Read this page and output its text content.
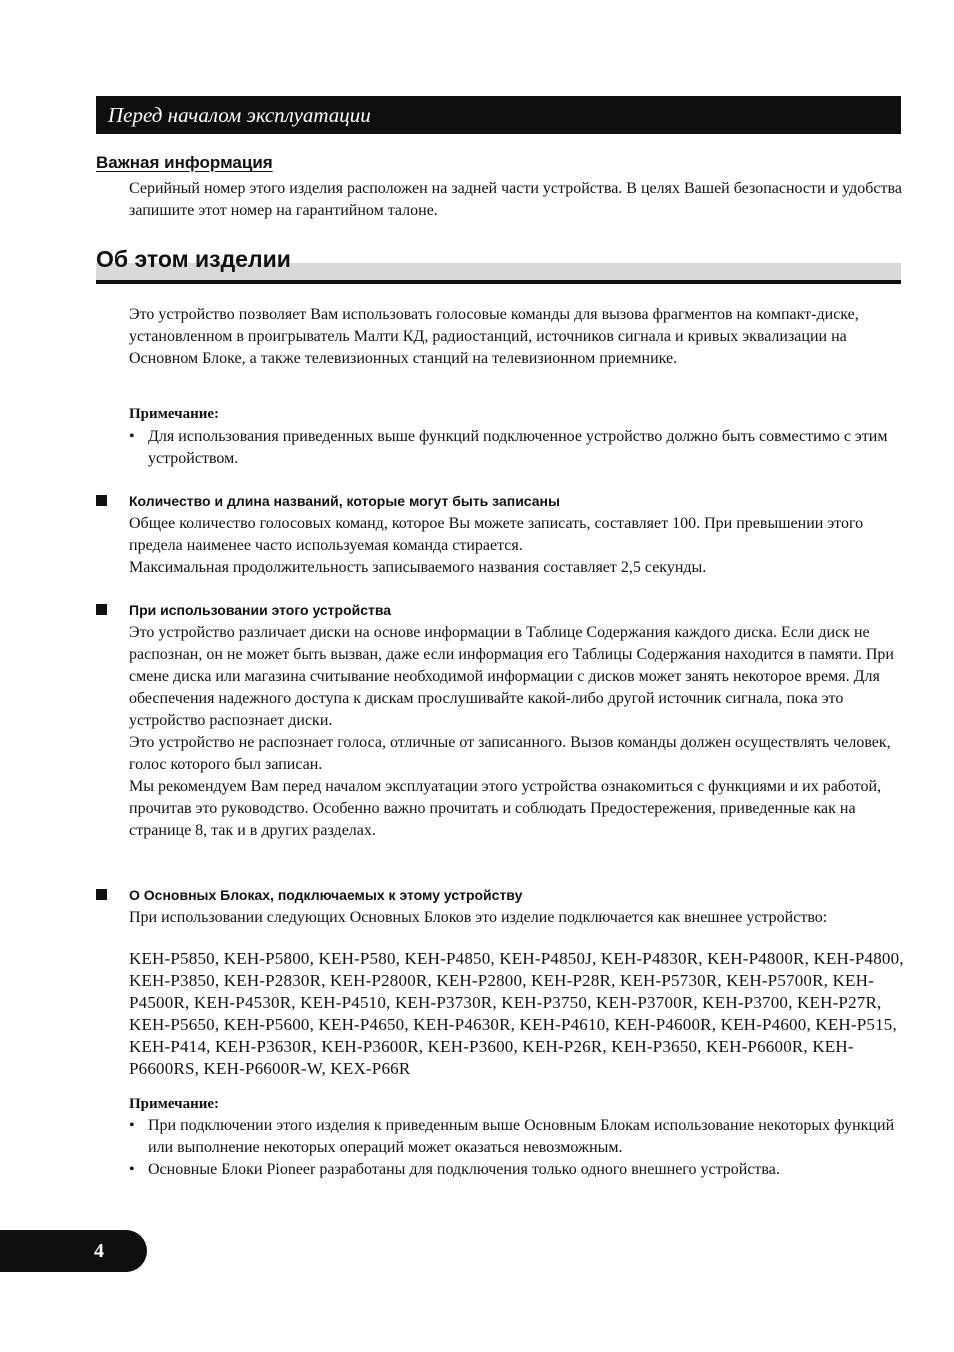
Перед началом эксплуатации
Важная информация

Серийный номер этого изделия расположен на задней части устройства. В целях Вашей безопасности и удобства запишите этот номер на гарантийном талоне.

Об этом изделии

Это устройство позволяет Вам использовать голосовые команды для вызова фрагментов на компакт-диске, установленном в проигрыватель Малти КД, радиостанций, источников сигнала и кривых эквализации на Основном Блоке, а также телевизионных станций на телевизионном приемнике.

Примечание:
• Для использования приведенных выше функций подключенное устройство должно быть совместимо с этим устройством.
Количество и длина названий, которые могут быть записаны

Общее количество голосовых команд, которое Вы можете записать, составляет 100. При превышении этого предела наименее часто используемая команда стирается.

Максимальная продолжительность записываемого названия составляет 2,5 секунды.

При использовании этого устройства

Это устройство различает диски на основе информации в Таблице Содержания каждого диска. Если диск не распознан, он не может быть вызван, даже если информация его Таблицы Содержания находится в памяти. При смене диска или магазина считывание необходимой информации с дисков может занять некоторое время. Для обеспечения надежного доступа к дискам прослушивайте какой-либо другой источник сигнала, пока это устройство распознает диски.

Это устройство не распознает голоса, отличные от записанного. Вызов команды должен осуществлять человек, голос которого был записан.

Мы рекомендуем Вам перед началом эксплуатации этого устройства ознакомиться с функциями и их работой, прочитав это руководство. Особенно важно прочитать и соблюдать Предостережения, приведенные как на странице 8, так и в других разделах.

О Основных Блоках, подключаемых к этому устройству

При использовании следующих Основных Блоков это изделие подключается как внешнее устройство:

KEH-P5850, KEH-P5800, KEH-P580, KEH-P4850, KEH-P4850J, KEH-P4830R, KEH-P4800R, KEH-P4800, KEH-P3850, KEH-P2830R, KEH-P2800R, KEH-P2800, KEH-P28R, KEH-P5730R, KEH-P5700R, KEH-P4500R, KEH-P4530R, KEH-P4510, KEH-P3730R, KEH-P3750, KEH-P3700R, KEH-P3700, KEH-P27R, KEH-P5650, KEH-P5600, KEH-P4650, KEH-P4630R, KEH-P4610, KEH-P4600R, KEH-P4600, KEH-P515, KEH-P414, KEH-P3630R, KEH-P3600R, KEH-P3600, KEH-P26R, KEH-P3650, KEH-P6600R, KEH-P6600RS, KEH-P6600R-W, KEX-P66R
Примечание:
• При подключении этого изделия к приведенным выше Основным Блокам использование некоторых функций или выполнение некоторых операций может оказаться невозможным.
• Основные Блоки Pioneer разработаны для подключения только одного внешнего устройства.
4
